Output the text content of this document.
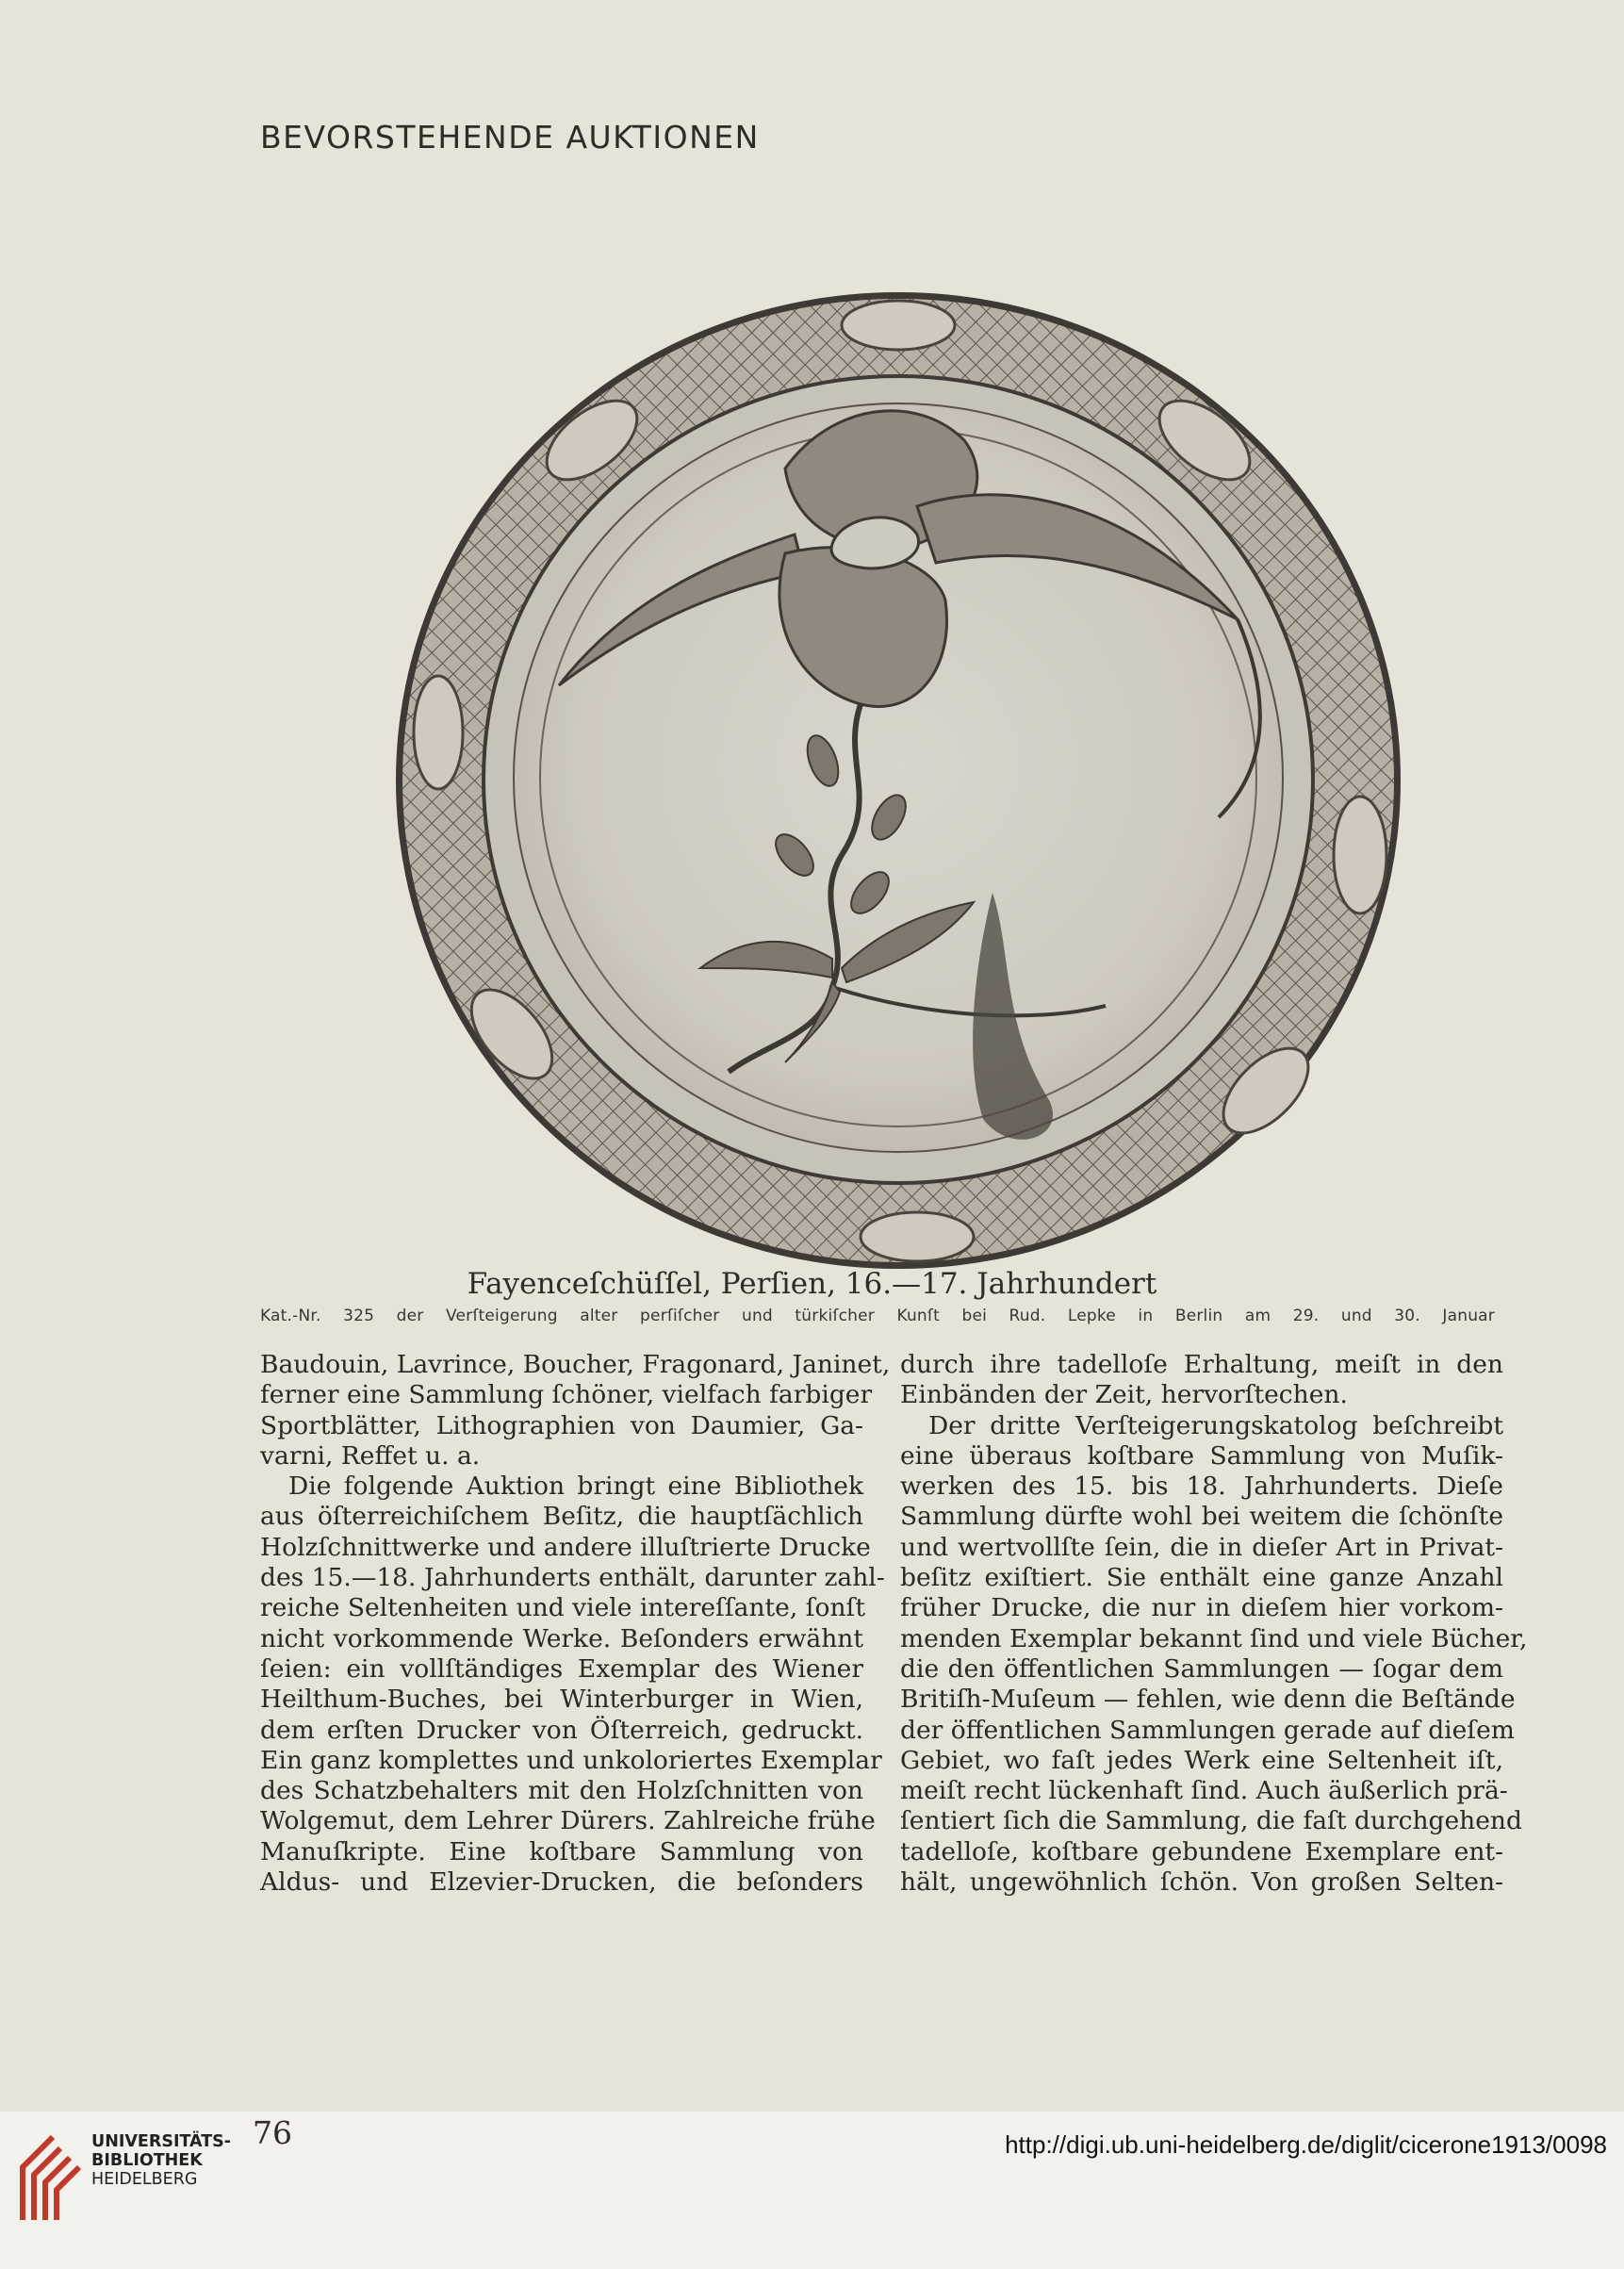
BEVORSTEHENDE AUKTIONEN
Fayenceſchüſſel, Perſien, 16.—17. Jahrhundert
Kat.-Nr. 325 der Verſteigerung alter perſiſcher und türkiſcher Kunſt bei Rud. Lepke in Berlin am 29. und 30. Januar
Baudouin, Lavrince, Boucher, Fragonard, Janinet,
ferner eine Sammlung ſchöner, vielfach farbiger
Sportblätter, Lithographien von Daumier, Ga-
varni, Reffet u. a.
Die folgende Auktion bringt eine Bibliothek
aus öſterreichiſchem Beſitz, die hauptſächlich
Holzſchnittwerke und andere illuſtrierte Drucke
des 15.—18. Jahrhunderts enthält, darunter zahl-
reiche Seltenheiten und viele intereſſante, ſonſt
nicht vorkommende Werke. Beſonders erwähnt
ſeien: ein vollſtändiges Exemplar des Wiener
Heilthum-Buches, bei Winterburger in Wien,
dem erſten Drucker von Öſterreich, gedruckt.
Ein ganz komplettes und unkoloriertes Exemplar
des Schatzbehalters mit den Holzſchnitten von
Wolgemut, dem Lehrer Dürers. Zahlreiche frühe
Manuſkripte. Eine koſtbare Sammlung von
Aldus- und Elzevier-Drucken, die beſonders
durch ihre tadelloſe Erhaltung, meiſt in den
Einbänden der Zeit, hervorſtechen.
Der dritte Verſteigerungskatolog beſchreibt
eine überaus koſtbare Sammlung von Muſik-
werken des 15. bis 18. Jahrhunderts. Dieſe
Sammlung dürfte wohl bei weitem die ſchönſte
und wertvollſte ſein, die in dieſer Art in Privat-
beſitz exiſtiert. Sie enthält eine ganze Anzahl
früher Drucke, die nur in dieſem hier vorkom-
menden Exemplar bekannt ſind und viele Bücher,
die den öffentlichen Sammlungen — ſogar dem
Britiſh-Muſeum — fehlen, wie denn die Beſtände
der öffentlichen Sammlungen gerade auf dieſem
Gebiet, wo faſt jedes Werk eine Seltenheit iſt,
meiſt recht lückenhaft ſind. Auch äußerlich prä-
ſentiert ſich die Sammlung, die faſt durchgehend
tadelloſe, koſtbare gebundene Exemplare ent-
hält, ungewöhnlich ſchön. Von großen Selten-
76
UNIVERSITÄTS-
BIBLIOTHEK
HEIDELBERG
http://digi.ub.uni-heidelberg.de/diglit/cicerone1913/0098
